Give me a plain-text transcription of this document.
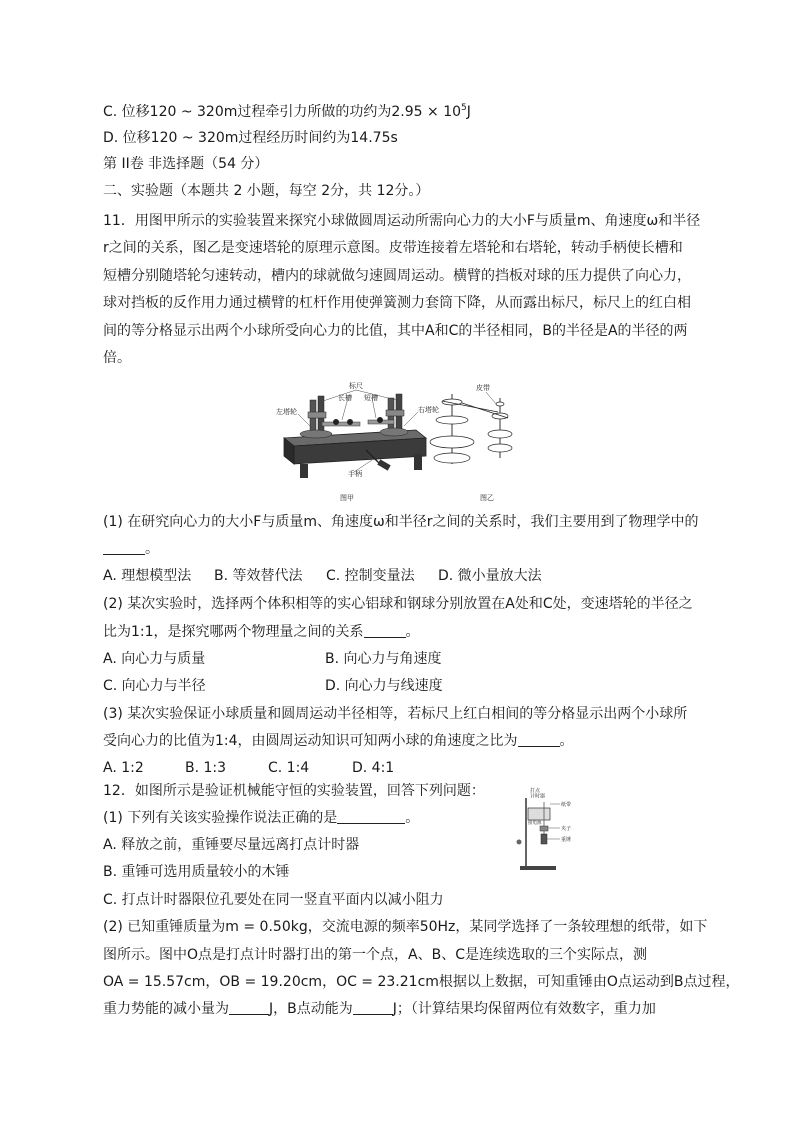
C. 位移120 ~ 320m过程牵引力所做的功约为$2.95 \times 10^5J$
D. 位移120 ~ 320m过程经历时间约为14.75s
第 II卷 非选择题（54 分）
二、实验题（本题共 2 小题，每空 2分，共 12分。）
11．用图甲所示的实验装置来探究小球做圆周运动所需向心力的大小F与质量m、角速度ω和半径
r之间的关系，图乙是变速塔轮的原理示意图。皮带连接着左塔轮和右塔轮，转动手柄使长槽和
短槽分别随塔轮匀速转动，槽内的球就做匀速圆周运动。横臂的挡板对球的压力提供了向心力，
球对挡板的反作用力通过横臂的杠杆作用使弹簧测力套筒下降，从而露出标尺，标尺上的红白相
间的等分格显示出两个小球所受向心力的比值，其中A和C的半径相同，B的半径是A的半径的两
倍。
标尺
长槽 短槽
左塔轮	右塔轮
手柄
A B	C
皮带
图甲	图乙
(1) 在研究向心力的大小F与质量m、角速度ω和半径r之间的关系时，我们主要用到了物理学中的
。
A. 理想模型法 B. 等效替代法 C. 控制变量法 D. 微小量放大法
(2) 某次实验时，选择两个体积相等的实心铝球和钢球分别放置在A处和C处，变速塔轮的半径之
比为1:1，是探究哪两个物理量之间的关系	。
A. 向心力与质量	B. 向心力与角速度
C. 向心力与半径	D. 向心力与线速度
(3) 某次实验保证小球质量和圆周运动半径相等，若标尺上红白相间的等分格显示出两个小球所
受向心力的比值为1:4，由圆周运动知识可知两小球的角速度之比为	。
A. 1:2	B. 1:3	C. 1:4	D. 4:1
12．如图所示是验证机械能守恒的实验装置，回答下列问题：
(1) 下列有关该实验操作说法正确的是	。
A. 释放之前，重锤要尽量远离打点计时器
B. 重锤可选用质量较小的木锤
C. 打点计时器限位孔要处在同一竖直平面内以减小阻力
打点计时器
纸带
夹子
重锤
接电源
(2) 已知重锤质量为m = 0.50kg，交流电源的频率50Hz，某同学选择了一条较理想的纸带，如下
图所示。图中O点是打点计时器打出的第一个点，A、B、C是连续选取的三个实际点，测
OA = 15.57cm，OB = 19.20cm，OC = 23.21cm根据以上数据，可知重锤由O点运动到B点过程，
重力势能的减小量为	J，B点动能为	J；（计算结果均保留两位有效数字，重力加
